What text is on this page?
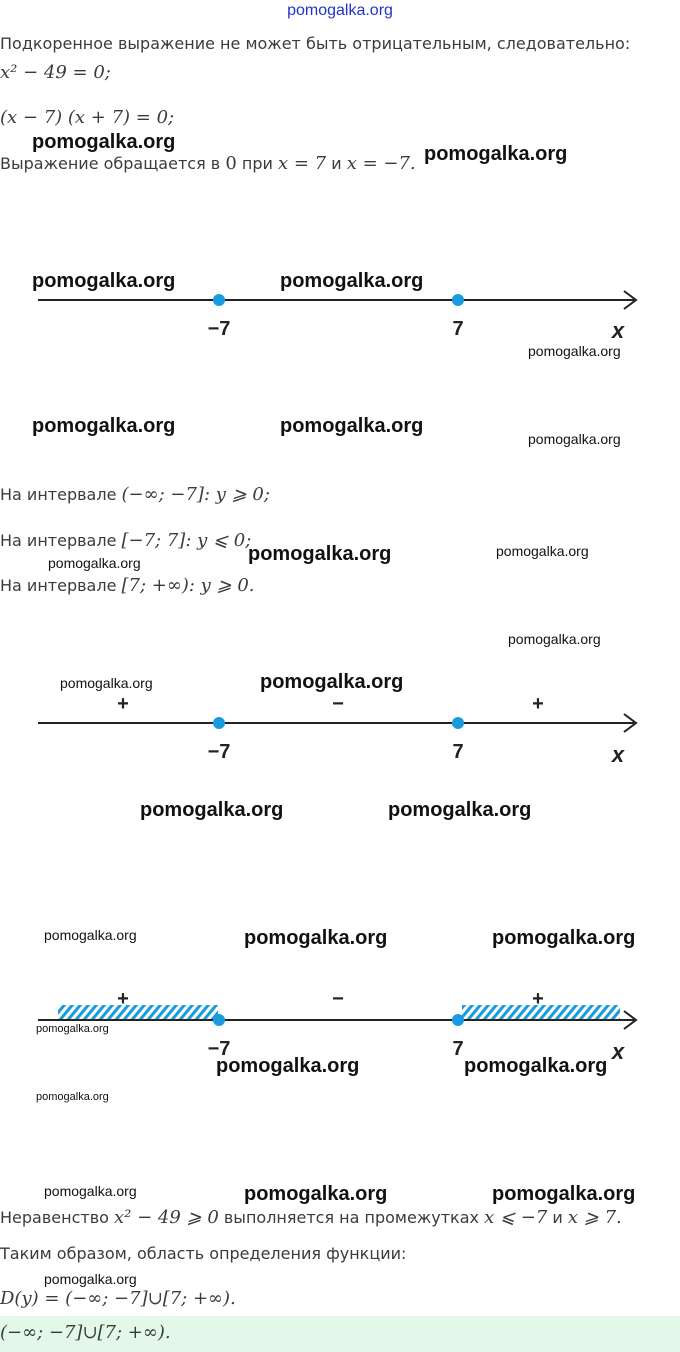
pomogalka.org
Подкоренное выражение не может быть отрицательным, следовательно:
x² − 49 = 0;
(x − 7) (x + 7) = 0;
Выражение обращается в 0 при x = 7 и x = −7.
−7	7	x
На интервале (−∞; −7]: y ⩾ 0;
На интервале [−7; 7]: y ⩽ 0;
На интервале [7; +∞): y ⩾ 0.
+	−	+
−7	7	x
+	−	+
−7	7	x
Неравенство x² − 49 ⩾ 0 выполняется на промежутках x ⩽ −7 и x ⩾ 7.
Таким образом, область определения функции:
D(y) = (−∞; −7]∪[7; +∞).
(−∞; −7]∪[7; +∞).
pomogalka.org
pomogalka.org
pomogalka.org	pomogalka.org
pomogalka.org
pomogalka.org	pomogalka.org
pomogalka.org
pomogalka.org	pomogalka.org
pomogalka.org
pomogalka.org
pomogalka.org	pomogalka.org
pomogalka.org	pomogalka.org
pomogalka.org	pomogalka.org	pomogalka.org
pomogalka.org
pomogalka.org	pomogalka.org
pomogalka.org
pomogalka.org	pomogalka.org	pomogalka.org
pomogalka.org
